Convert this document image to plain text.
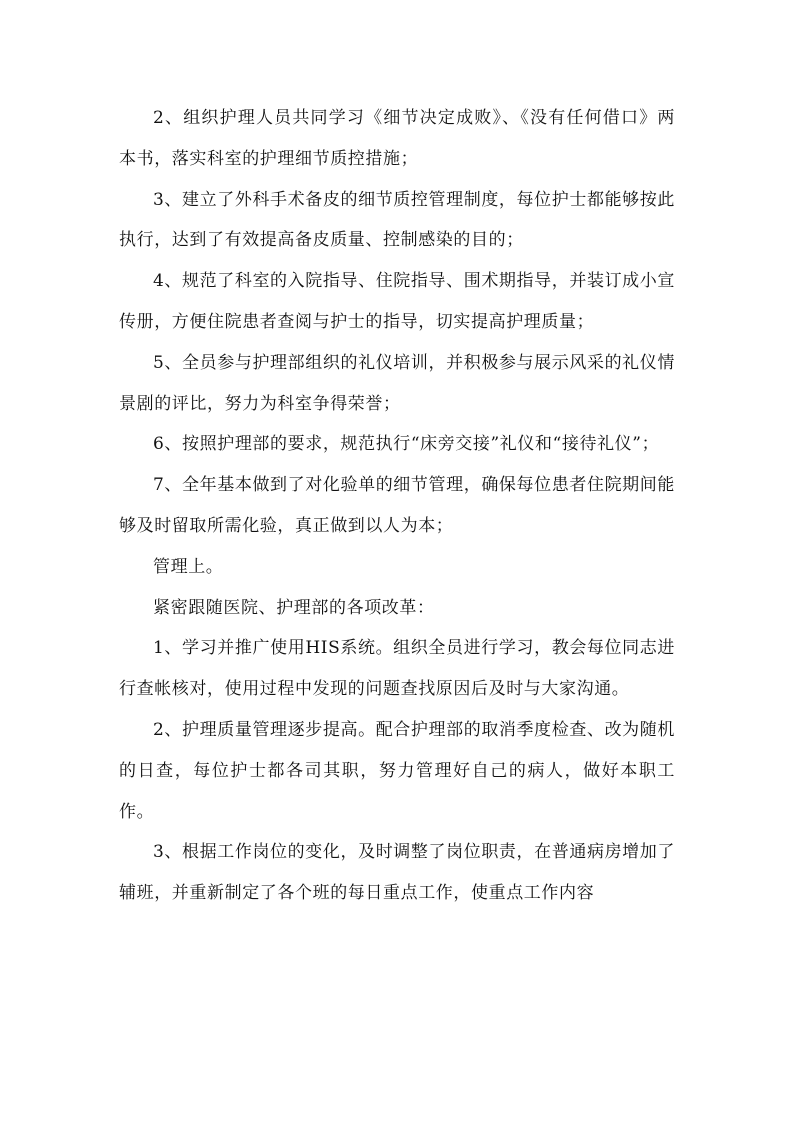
2、组织护理人员共同学习《细节决定成败》、《没有任何借口》两本书，落实科室的护理细节质控措施；

3、建立了外科手术备皮的细节质控管理制度，每位护士都能够按此执行，达到了有效提高备皮质量、控制感染的目的；

4、规范了科室的入院指导、住院指导、围术期指导，并装订成小宣传册，方便住院患者查阅与护士的指导，切实提高护理质量；

5、全员参与护理部组织的礼仪培训，并积极参与展示风采的礼仪情景剧的评比，努力为科室争得荣誉；

6、按照护理部的要求，规范执行“床旁交接”礼仪和“接待礼仪”；

7、全年基本做到了对化验单的细节管理，确保每位患者住院期间能够及时留取所需化验，真正做到以人为本；

管理上。

紧密跟随医院、护理部的各项改革：

1、学习并推广使用HIS系统。组织全员进行学习，教会每位同志进行查帐核对，使用过程中发现的问题查找原因后及时与大家沟通。

2、护理质量管理逐步提高。配合护理部的取消季度检查、改为随机的日查，每位护士都各司其职，努力管理好自己的病人，做好本职工作。

3、根据工作岗位的变化，及时调整了岗位职责，在普通病房增加了辅班，并重新制定了各个班的每日重点工作，使重点工作内容
